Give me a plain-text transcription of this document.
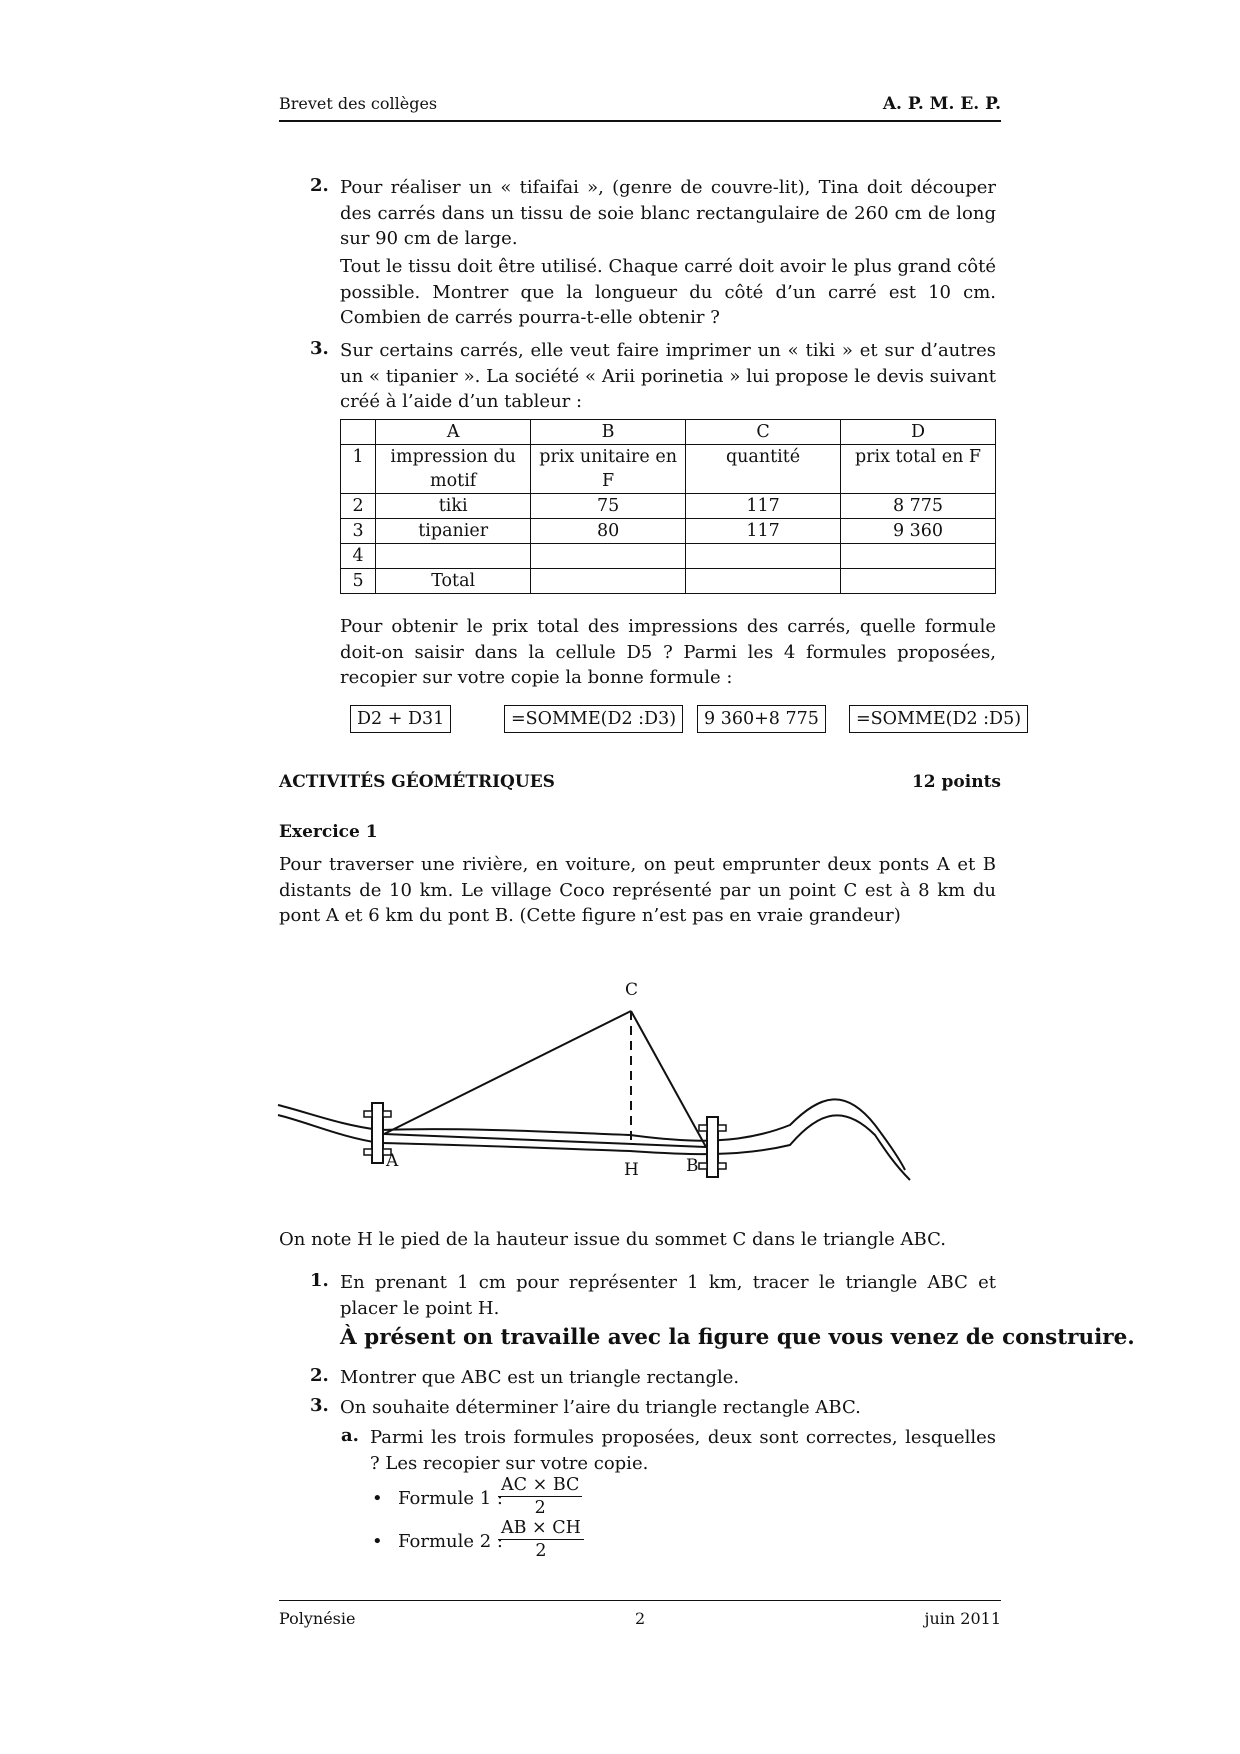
Brevet des collèges	A. P. M. E. P.
2. Pour réaliser un « tifaifai », (genre de couvre-lit), Tina doit découper des carrés dans un tissu de soie blanc rectangulaire de 260 cm de long sur 90 cm de large.
Tout le tissu doit être utilisé. Chaque carré doit avoir le plus grand côté possible. Montrer que la longueur du côté d’un carré est 10 cm. Combien de carrés pourra-t-elle obtenir ?
3. Sur certains carrés, elle veut faire imprimer un « tiki » et sur d’autres un « tipanier ». La société « Arii porinetia » lui propose le devis suivant créé à l’aide d’un tableur :
	A	B	C	D
1	impression du motif	prix unitaire en F	quantité	prix total en F
2	tiki	75	117	8 775
3	tipanier	80	117	9 360
4				
5	Total			
Pour obtenir le prix total des impressions des carrés, quelle formule doit-on saisir dans la cellule D5 ? Parmi les 4 formules proposées, recopier sur votre copie la bonne formule :
D2 + D31	=SOMME(D2 :D3)	9 360+8 775	=SOMME(D2 :D5)
ACTIVITÉS GÉOMÉTRIQUES	12 points
Exercice 1
Pour traverser une rivière, en voiture, on peut emprunter deux ponts A et B distants de 10 km. Le village Coco représenté par un point C est à 8 km du pont A et 6 km du pont B. (Cette figure n’est pas en vraie grandeur)
C
A	B
H
On note H le pied de la hauteur issue du sommet C dans le triangle ABC.
1. En prenant 1 cm pour représenter 1 km, tracer le triangle ABC et placer le point H.
À présent on travaille avec la figure que vous venez de construire.
2. Montrer que ABC est un triangle rectangle.
3. On souhaite déterminer l’aire du triangle rectangle ABC.
a. Parmi les trois formules proposées, deux sont correctes, lesquelles ? Les recopier sur votre copie.
• Formule 1 :
$\frac{AC \times BC}{2}$
• Formule 2 :
$\frac{AB \times CH}{2}$
Polynésie	2	juin 2011
